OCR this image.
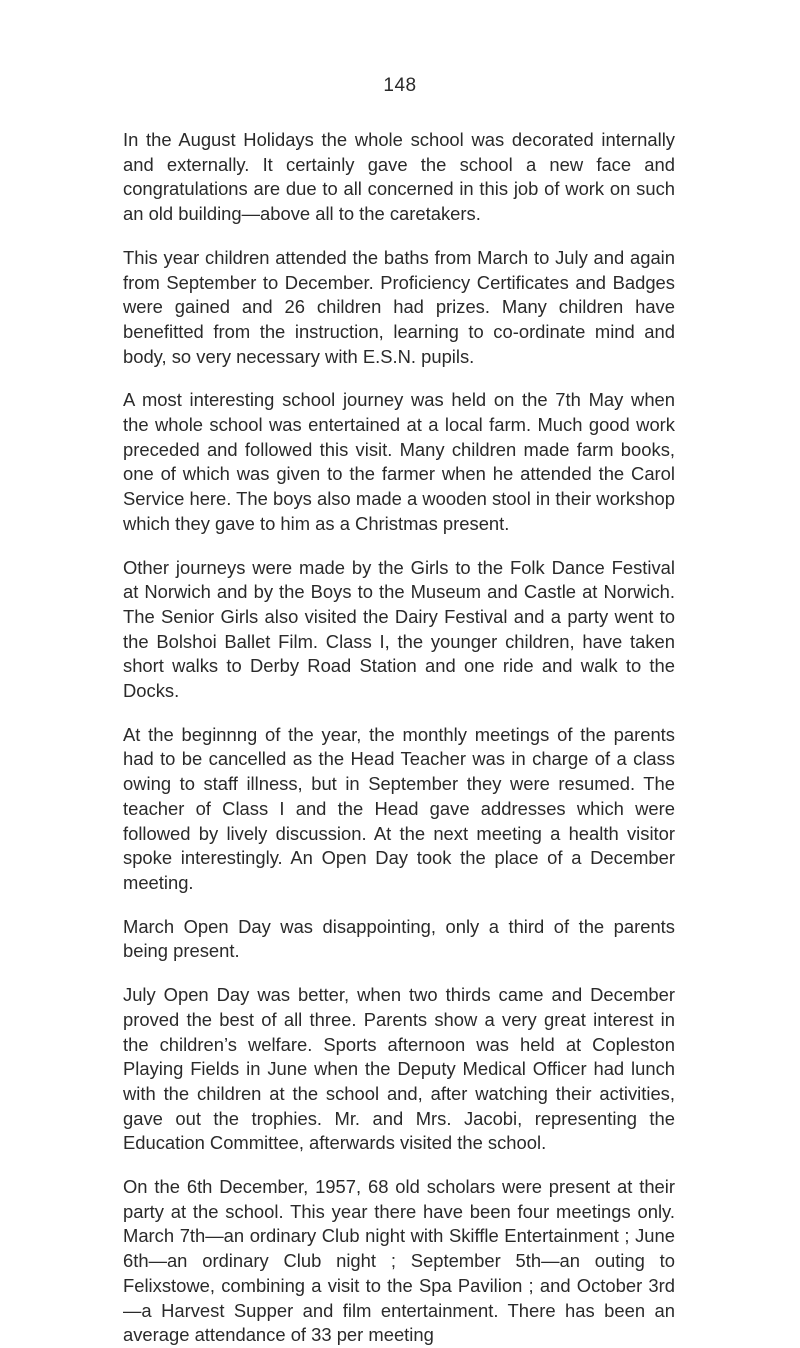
148

In the August Holidays the whole school was decorated internally and externally. It certainly gave the school a new face and congratulations are due to all concerned in this job of work on such an old building—above all to the caretakers.

This year children attended the baths from March to July and again from September to December. Proficiency Certificates and Badges were gained and 26 children had prizes. Many children have benefitted from the instruction, learning to co-ordinate mind and body, so very necessary with E.S.N. pupils.

A most interesting school journey was held on the 7th May when the whole school was entertained at a local farm. Much good work preceded and followed this visit. Many children made farm books, one of which was given to the farmer when he attended the Carol Service here. The boys also made a wooden stool in their workshop which they gave to him as a Christmas present.

Other journeys were made by the Girls to the Folk Dance Festival at Norwich and by the Boys to the Museum and Castle at Norwich. The Senior Girls also visited the Dairy Festival and a party went to the Bolshoi Ballet Film. Class I, the younger children, have taken short walks to Derby Road Station and one ride and walk to the Docks.

At the beginnng of the year, the monthly meetings of the parents had to be cancelled as the Head Teacher was in charge of a class owing to staff illness, but in September they were resumed. The teacher of Class I and the Head gave addresses which were followed by lively discussion. At the next meeting a health visitor spoke interestingly. An Open Day took the place of a December meeting.

March Open Day was disappointing, only a third of the parents being present.

July Open Day was better, when two thirds came and December proved the best of all three. Parents show a very great interest in the children’s welfare. Sports afternoon was held at Copleston Playing Fields in June when the Deputy Medical Officer had lunch with the children at the school and, after watching their activities, gave out the trophies. Mr. and Mrs. Jacobi, representing the Education Committee, afterwards visited the school.

On the 6th December, 1957, 68 old scholars were present at their party at the school. This year there have been four meetings only. March 7th—an ordinary Club night with Skiffle Entertainment ; June 6th—an ordinary Club night ; September 5th—an outing to Felixstowe, combining a visit to the Spa Pavilion ; and October 3rd—a Harvest Supper and film entertainment. There has been an average attendance of 33 per meeting
